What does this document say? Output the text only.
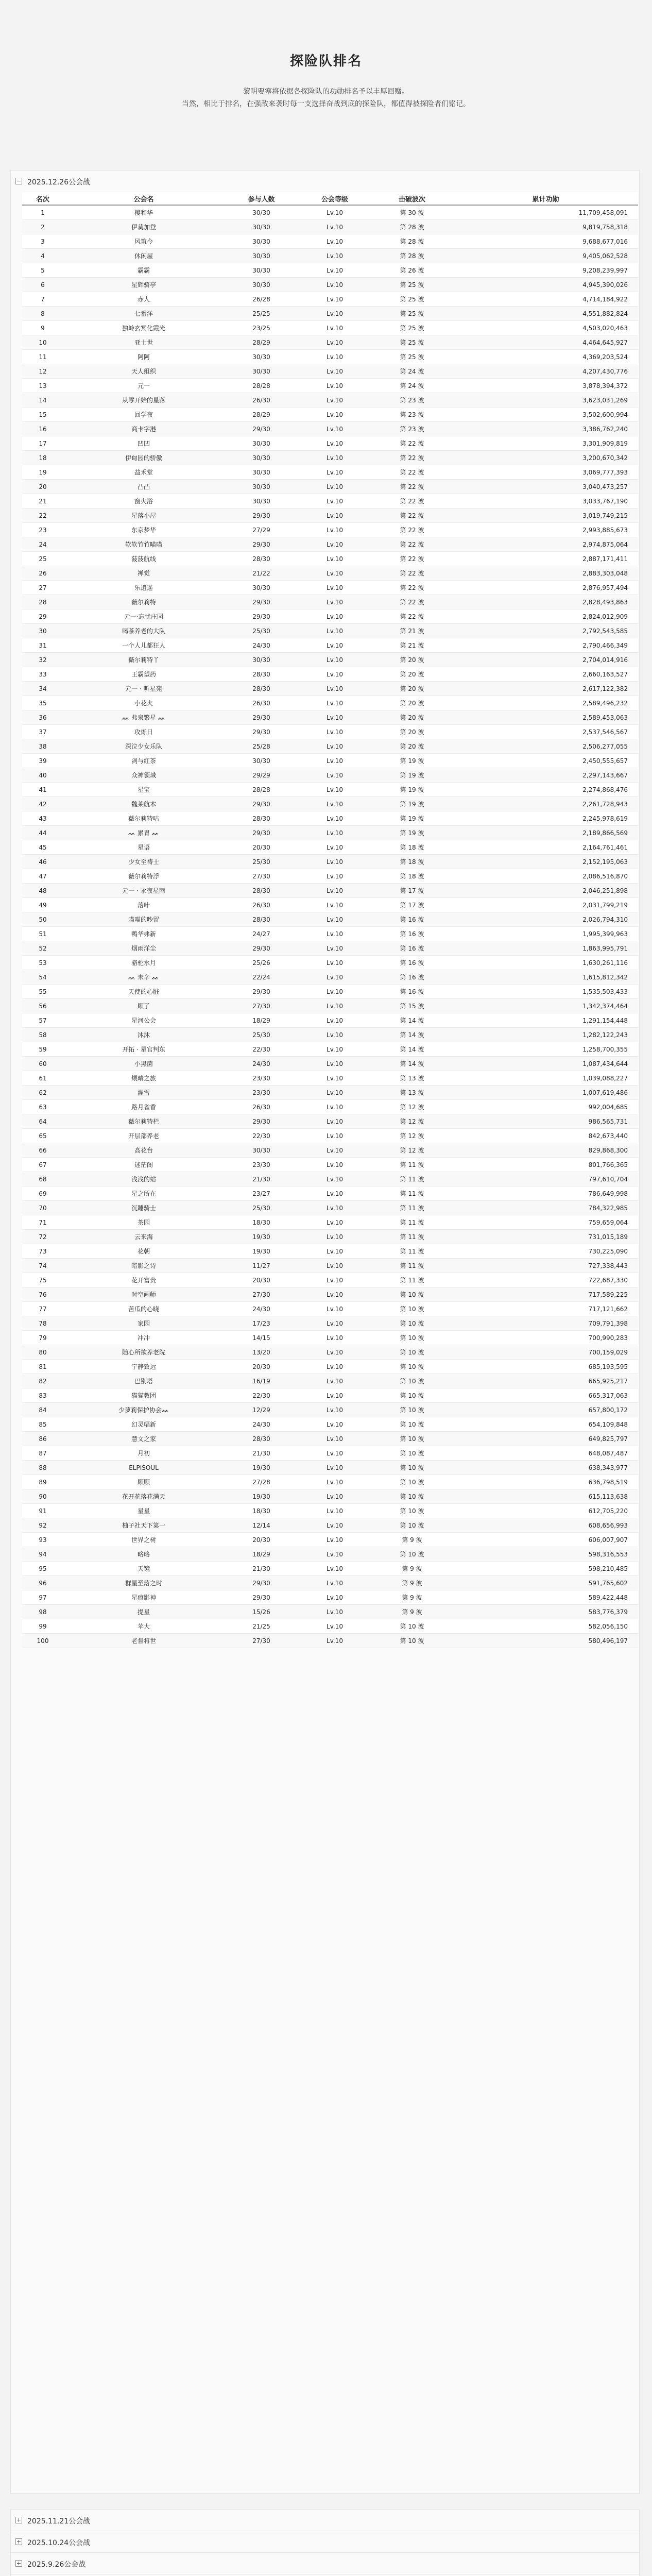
探险队排名
黎明要塞将依据各探险队的功勋排名予以丰厚回赠。
当然，相比于排名，在强敌来袭时每一支选择奋战到底的探险队，都值得被探险者们铭记。
2025.12.26公会战
名次	公会名	参与人数	公会等级	击破波次	累计功勋
1	樱和华	30/30	Lv.10	第 30 波	11,709,458,091
2	伊莫加登	30/30	Lv.10	第 28 波	9,819,758,318
3	风筑今	30/30	Lv.10	第 28 波	9,688,677,016
4	休闲屋	30/30	Lv.10	第 28 波	9,405,062,528
5	霸霸	30/30	Lv.10	第 26 波	9,208,239,997
6	星辉骑亭	30/30	Lv.10	第 25 波	4,945,390,026
7	赤人	26/28	Lv.10	第 25 波	4,714,184,922
8	七番洋	25/25	Lv.10	第 25 波	4,551,882,824
9	独岭玄冥化霞光	23/25	Lv.10	第 25 波	4,503,020,463
10	亚士世	28/29	Lv.10	第 25 波	4,464,645,927
11	阿阿	30/30	Lv.10	第 25 波	4,369,203,524
12	天人组织	30/30	Lv.10	第 24 波	4,207,430,776
13	元一	28/28	Lv.10	第 24 波	3,878,394,372
14	从零开始的星落	26/30	Lv.10	第 23 波	3,623,031,269
15	回学夜	28/29	Lv.10	第 23 波	3,502,600,994
16	商卡字港	29/30	Lv.10	第 23 波	3,386,762,240
17	凹凹	30/30	Lv.10	第 22 波	3,301,909,819
18	伊甸园的骄傲	30/30	Lv.10	第 22 波	3,200,670,342
19	益禾堂	30/30	Lv.10	第 22 波	3,069,777,393
20	凸凸	30/30	Lv.10	第 22 波	3,040,473,257
21	窗火浴	30/30	Lv.10	第 22 波	3,033,767,190
22	星落小屋	29/30	Lv.10	第 22 波	3,019,749,215
23	东京梦华	27/29	Lv.10	第 22 波	2,993,885,673
24	软软竹竹喵喵	29/30	Lv.10	第 22 波	2,974,875,064
25	菠菠航线	28/30	Lv.10	第 22 波	2,887,171,411
26	禅觉	21/22	Lv.10	第 22 波	2,883,303,048
27	乐逍遥	30/30	Lv.10	第 22 波	2,876,957,494
28	薇尔莉特	29/30	Lv.10	第 22 波	2,828,493,863
29	元一·忘忧庄园	29/30	Lv.10	第 22 波	2,824,012,909
30	喝茶养老的大队	25/30	Lv.10	第 21 波	2,792,543,585
31	一个人儿都狂人	24/30	Lv.10	第 21 波	2,790,466,349
32	薇尔莉特丫	30/30	Lv.10	第 20 波	2,704,014,916
33	王霸望药	28/30	Lv.10	第 20 波	2,660,163,527
34	元一 · 听星苑	28/30	Lv.10	第 20 波	2,617,122,382
35	小花火	26/30	Lv.10	第 20 波	2,589,496,232
36	ᨐ 弗泉繁星 ᨐ	29/30	Lv.10	第 20 波	2,589,453,063
37	攻烁日	29/30	Lv.10	第 20 波	2,537,546,567
38	深泣少女乐队	25/28	Lv.10	第 20 波	2,506,277,055
39	剑与红茶	30/30	Lv.10	第 19 波	2,450,555,657
40	众神领域	29/29	Lv.10	第 19 波	2,297,143,667
41	星宝	28/28	Lv.10	第 19 波	2,274,868,476
42	魏莱航木	29/30	Lv.10	第 19 波	2,261,728,943
43	薇尔莉特咕	28/30	Lv.10	第 19 波	2,245,978,619
44	ᨐ 累胃 ᨐ	29/30	Lv.10	第 19 波	2,189,866,569
45	星语	20/30	Lv.10	第 18 波	2,164,761,461
46	少女至祷士	25/30	Lv.10	第 18 波	2,152,195,063
47	薇尔莉特浮	27/30	Lv.10	第 18 波	2,086,516,870
48	元一 · 永夜星雨	28/30	Lv.10	第 17 波	2,046,251,898
49	落叶	26/30	Lv.10	第 17 波	2,031,799,219
50	喵喵的吵留	28/30	Lv.10	第 16 波	2,026,794,310
51	鸭华弗新	24/27	Lv.10	第 16 波	1,995,399,963
52	烟雨洋尘	29/30	Lv.10	第 16 波	1,863,995,791
53	骆驼水月	25/26	Lv.10	第 16 波	1,630,261,116
54	ᨐ 未辛 ᨐ	22/24	Lv.10	第 16 波	1,615,812,342
55	天使的心脏	29/30	Lv.10	第 16 波	1,535,503,433
56	顾了	27/30	Lv.10	第 15 波	1,342,374,464
57	星河公会	18/29	Lv.10	第 14 波	1,291,154,448
58	沐沐	25/30	Lv.10	第 14 波	1,282,122,243
59	开拓 · 星官判东	22/30	Lv.10	第 14 波	1,258,700,355
60	小黑菌	24/30	Lv.10	第 14 波	1,087,434,644
61	煨晴之旅	23/30	Lv.10	第 13 波	1,039,088,227
62	濯雪	23/30	Lv.10	第 13 波	1,007,619,486
63	路月雀香	26/30	Lv.10	第 12 波	992,004,685
64	薇尔莉特栏	29/30	Lv.10	第 12 波	986,565,731
65	开层部养老	22/30	Lv.10	第 12 波	842,673,440
66	高花台	30/30	Lv.10	第 12 波	829,868,300
67	迷茫阁	23/30	Lv.10	第 11 波	801,766,365
68	浅浅的站	21/30	Lv.10	第 11 波	797,610,704
69	星之所在	23/27	Lv.10	第 11 波	786,649,998
70	沉睡骑士	25/30	Lv.10	第 11 波	784,322,985
71	茶园	18/30	Lv.10	第 11 波	759,659,064
72	云来海	19/30	Lv.10	第 11 波	731,015,189
73	花朝	19/30	Lv.10	第 11 波	730,225,090
74	暗影之诗	11/27	Lv.10	第 11 波	727,338,443
75	花开富贵	20/30	Lv.10	第 11 波	722,687,330
76	时空画师	27/30	Lv.10	第 10 波	717,589,225
77	苦瓜的心晓	24/30	Lv.10	第 10 波	717,121,662
78	家园	17/23	Lv.10	第 10 波	709,791,398
79	冲冲	14/15	Lv.10	第 10 波	700,990,283
80	随心所欲养老院	13/20	Lv.10	第 10 波	700,159,029
81	宁静致远	20/30	Lv.10	第 10 波	685,193,595
82	巴别塔	16/19	Lv.10	第 10 波	665,925,217
83	猫猫教团	22/30	Lv.10	第 10 波	665,317,063
84	少萝莉保护协会ᨐ	12/29	Lv.10	第 10 波	657,800,172
85	幻灵幅新	24/30	Lv.10	第 10 波	654,109,848
86	慧文之家	28/30	Lv.10	第 10 波	649,825,797
87	月初	21/30	Lv.10	第 10 波	648,087,487
88	ELPISOUL	19/30	Lv.10	第 10 波	638,343,977
89	顾顾	27/28	Lv.10	第 10 波	636,798,519
90	花开花落花满天	19/30	Lv.10	第 10 波	615,113,638
91	星星	18/30	Lv.10	第 10 波	612,705,220
92	柚子社天下第一	12/14	Lv.10	第 10 波	608,656,993
93	世界之树	20/30	Lv.10	第 9 波	606,007,907
94	略略	18/29	Lv.10	第 10 波	598,316,553
95	天镜	21/30	Lv.10	第 9 波	598,210,485
96	群星至落之时	29/30	Lv.10	第 9 波	591,765,602
97	星痕影神	29/30	Lv.10	第 9 波	589,422,448
98	提星	15/26	Lv.10	第 9 波	583,776,379
99	苹大	21/25	Lv.10	第 10 波	582,056,150
100	老督将世	27/30	Lv.10	第 10 波	580,496,197
2025.11.21公会战
2025.10.24公会战
2025.9.26公会战
